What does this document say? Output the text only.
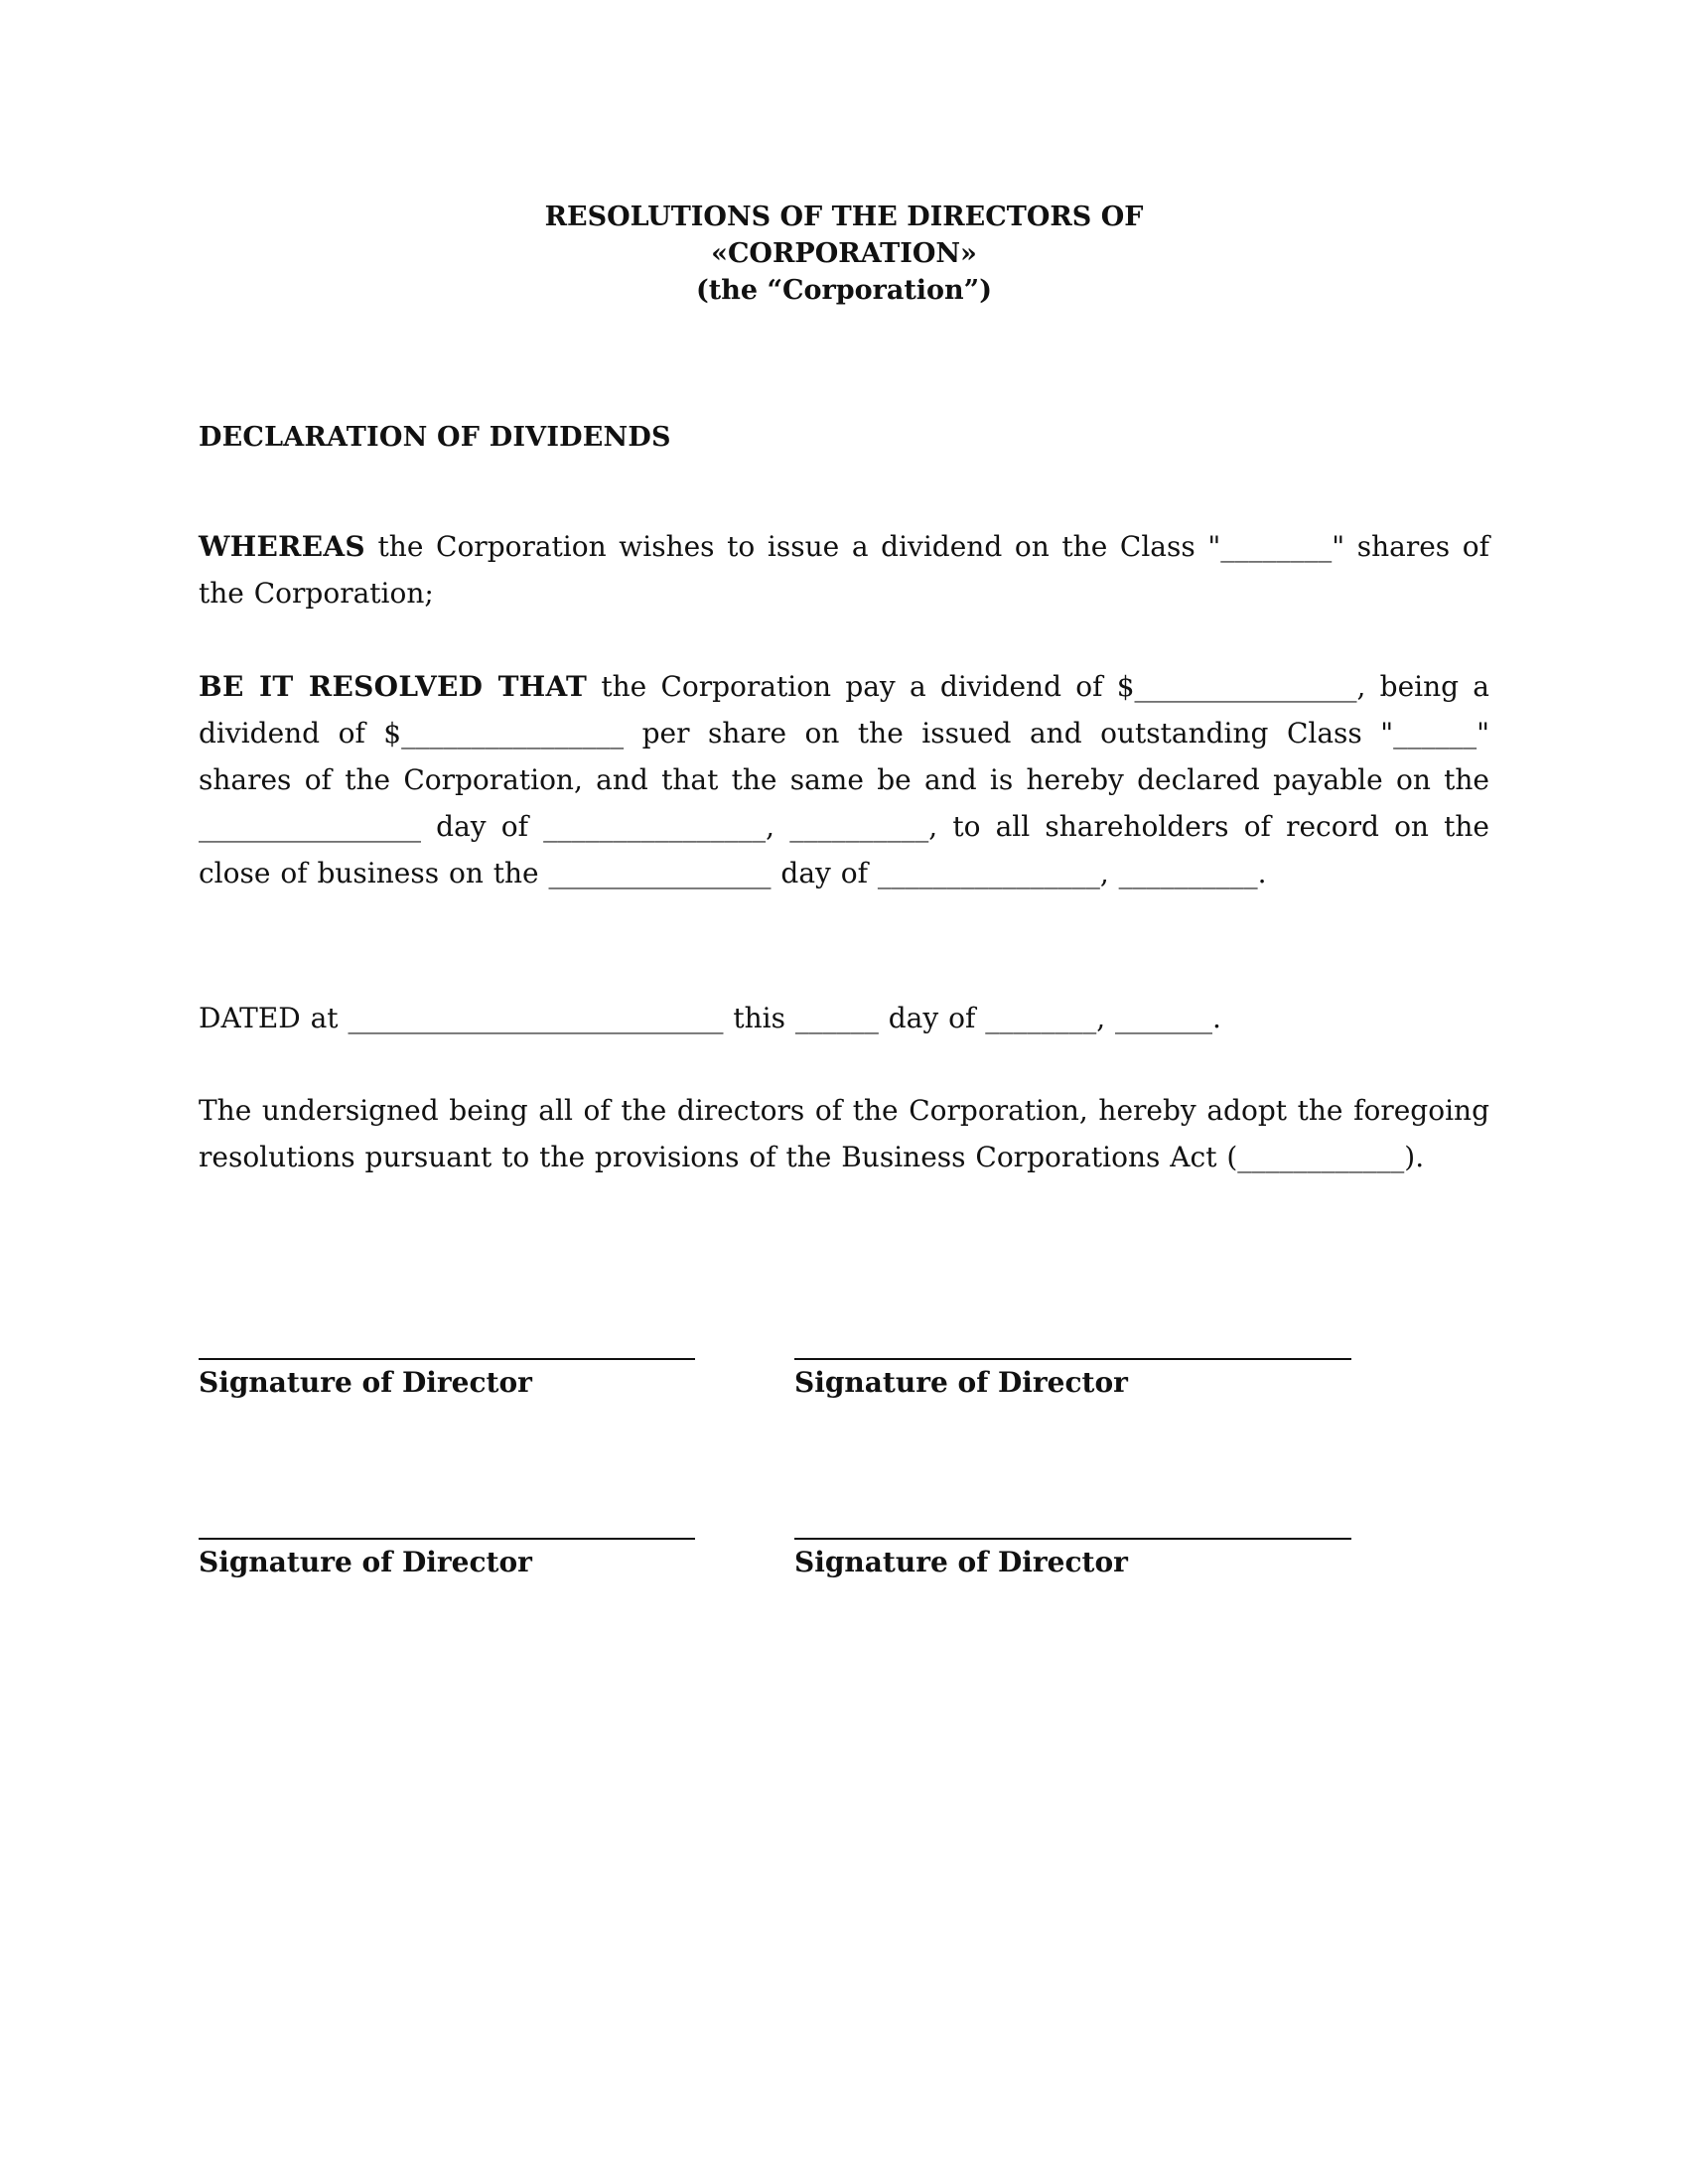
RESOLUTIONS OF THE DIRECTORS OF
«CORPORATION»
(the “Corporation”)
DECLARATION OF DIVIDENDS
WHEREAS the Corporation wishes to issue a dividend on the Class "________" shares of the Corporation;
BE IT RESOLVED THAT the Corporation pay a dividend of $________________, being a dividend of $________________ per share on the issued and outstanding Class "______" shares of the Corporation, and that the same be and is hereby declared payable on the ________________ day of ________________, __________, to all shareholders of record on the close of business on the ________________ day of ________________, __________.
DATED at ___________________________ this ______ day of ________, _______.
The undersigned being all of the directors of the Corporation, hereby adopt the foregoing resolutions pursuant to the provisions of the Business Corporations Act (____________).
Signature of Director	Signature of Director
Signature of Director	Signature of Director
